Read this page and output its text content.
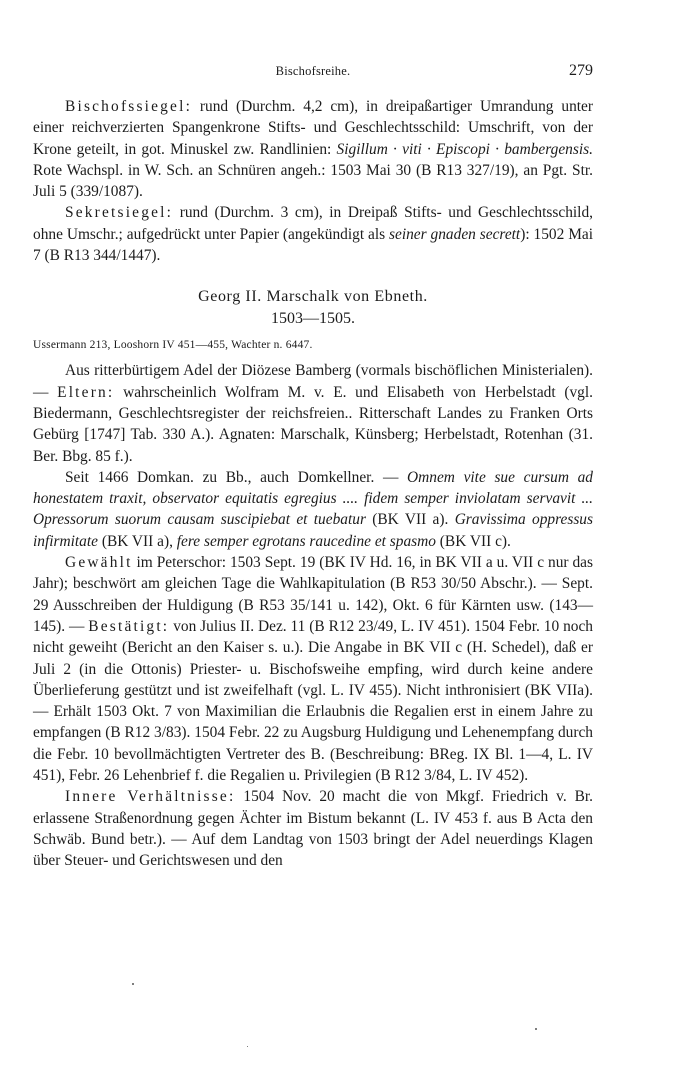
Bischofsreihe.	279

Bischofssiegel: rund (Durchm. 4,2 cm), in dreipaßartiger Umrandung unter einer reichverzierten Spangenkrone Stifts- und Geschlechtsschild: Umschrift, von der Krone geteilt, in got. Minuskel zw. Randlinien: Sigillum · viti · Episcopi · bambergensis. Rote Wachspl. in W. Sch. an Schnüren angeh.: 1503 Mai 30 (B R13 327/19), an Pgt. Str. Juli 5 (339/1087).

Sekretsiegel: rund (Durchm. 3 cm), in Dreipaß Stifts- und Geschlechtsschild, ohne Umschr.; aufgedrückt unter Papier (angekündigt als seiner gnaden secrett): 1502 Mai 7 (B R13 344/1447).

Georg II. Marschalk von Ebneth.
1503—1505.

Ussermann 213, Looshorn IV 451—455, Wachter n. 6447.

Aus ritterbürtigem Adel der Diözese Bamberg (vormals bischöflichen Ministerialen). — Eltern: wahrscheinlich Wolfram M. v. E. und Elisabeth von Herbelstadt (vgl. Biedermann, Geschlechtsregister der reichsfreien.. Ritterschaft Landes zu Franken Orts Gebürg [1747] Tab. 330 A.). Agnaten: Marschalk, Künsberg; Herbelstadt, Rotenhan (31. Ber. Bbg. 85 f.).

Seit 1466 Domkan. zu Bb., auch Domkellner. — Omnem vite sue cursum ad honestatem traxit, observator equitatis egregius .... fidem semper inviolatam servavit ... Opressorum suorum causam suscipiebat et tuebatur (BK VII a). Gravissima oppressus infirmitate (BK VII a), fere semper egrotans raucedine et spasmo (BK VII c).

Gewählt im Peterschor: 1503 Sept. 19 (BK IV Hd. 16, in BK VII a u. VII c nur das Jahr); beschwört am gleichen Tage die Wahlkapitulation (B R53 30/50 Abschr.). — Sept. 29 Ausschreiben der Huldigung (B R53 35/141 u. 142), Okt. 6 für Kärnten usw. (143—145). — Bestätigt: von Julius II. Dez. 11 (B R12 23/49, L. IV 451). 1504 Febr. 10 noch nicht geweiht (Bericht an den Kaiser s. u.). Die Angabe in BK VII c (H. Schedel), daß er Juli 2 (in die Ottonis) Priester- u. Bischofsweihe empfing, wird durch keine andere Überlieferung gestützt und ist zweifelhaft (vgl. L. IV 455). Nicht inthronisiert (BK VIIa). — Erhält 1503 Okt. 7 von Maximilian die Erlaubnis die Regalien erst in einem Jahre zu empfangen (B R12 3/83). 1504 Febr. 22 zu Augsburg Huldigung und Lehenempfang durch die Febr. 10 bevollmächtigten Vertreter des B. (Beschreibung: BReg. IX Bl. 1—4, L. IV 451), Febr. 26 Lehenbrief f. die Regalien u. Privilegien (B R12 3/84, L. IV 452).

Innere Verhältnisse: 1504 Nov. 20 macht die von Mkgf. Friedrich v. Br. erlassene Straßenordnung gegen Ächter im Bistum bekannt (L. IV 453 f. aus B Acta den Schwäb. Bund betr.). — Auf dem Landtag von 1503 bringt der Adel neuerdings Klagen über Steuer- und Gerichtswesen und den
